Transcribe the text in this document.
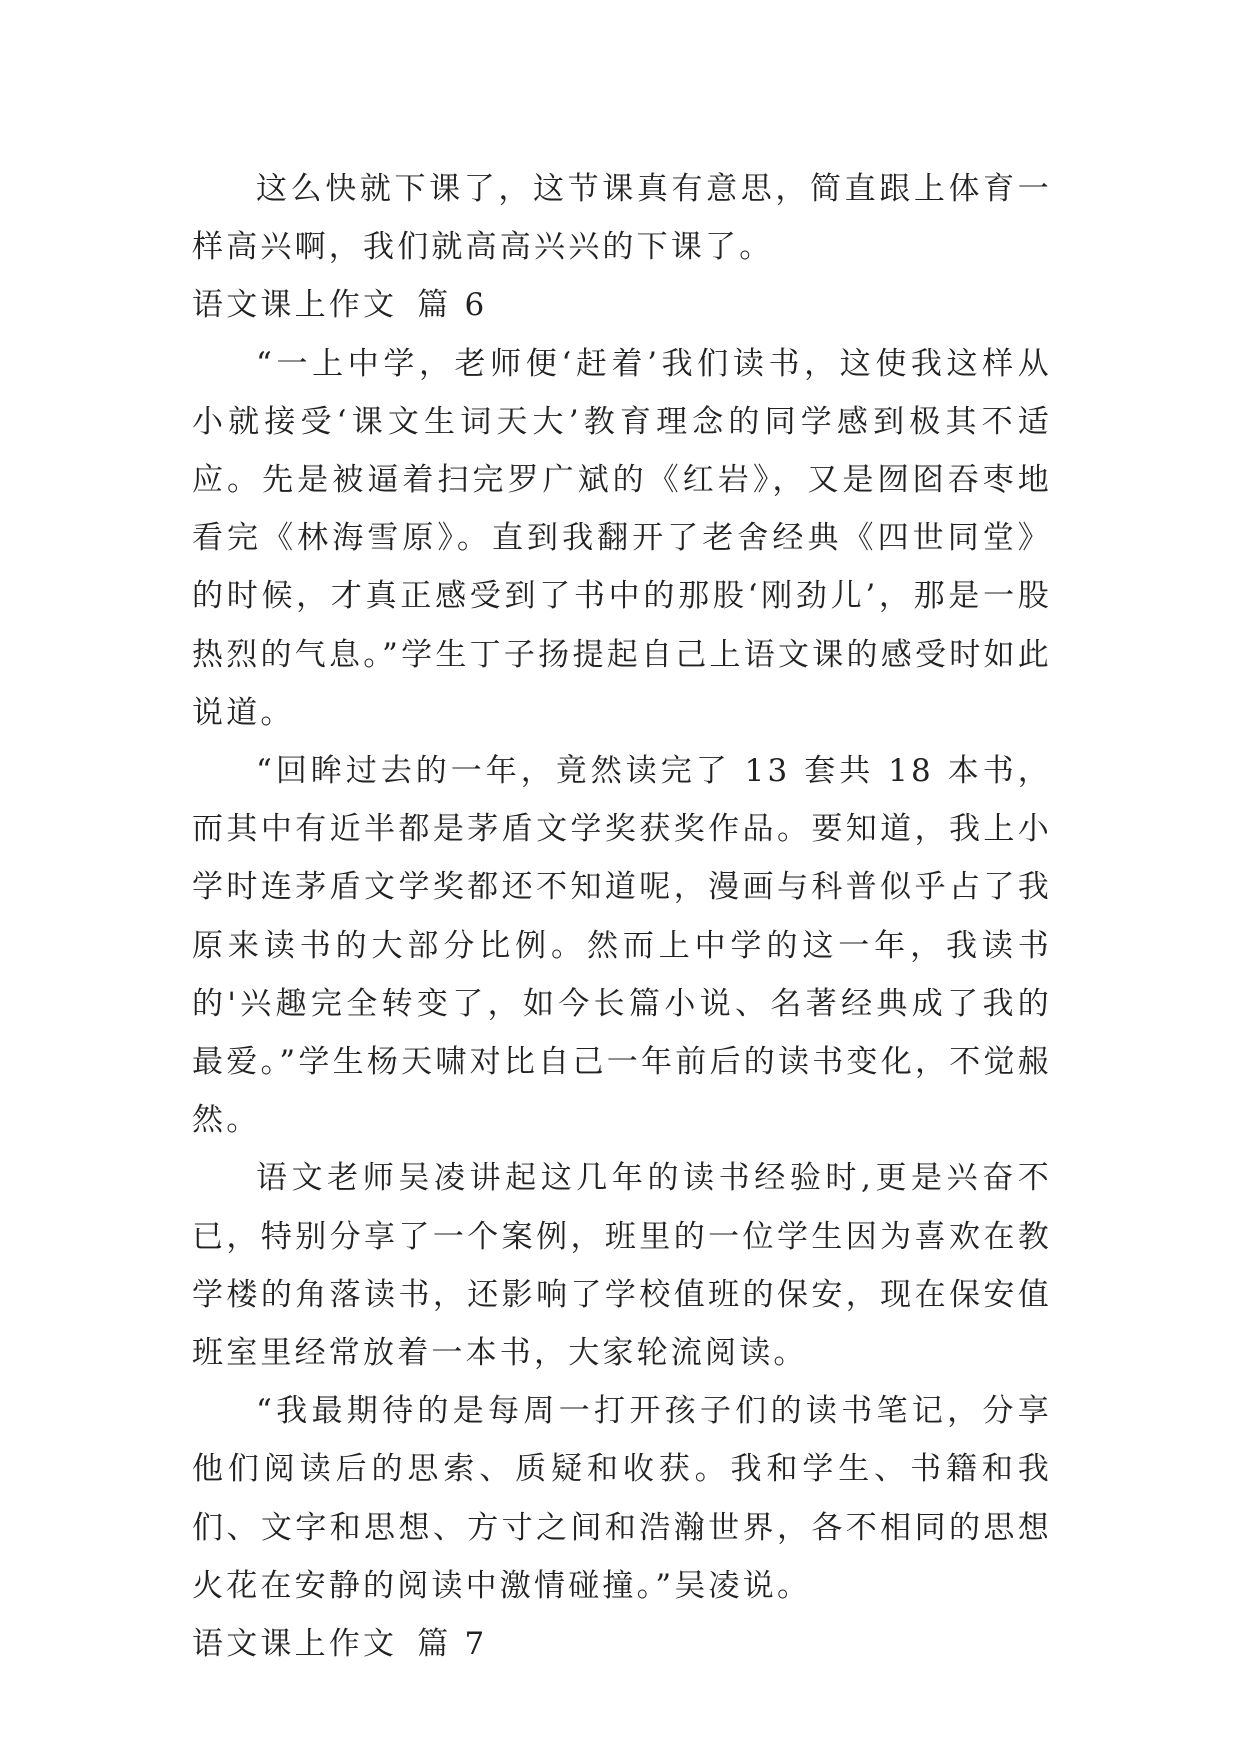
这么快就下课了，这节课真有意思，简直跟上体育一样高兴啊，我们就高高兴兴的下课了。

语文课上作文 篇 6

“一上中学，老师便‘赶着’我们读书，这使我这样从小就接受‘课文生词天大’教育理念的同学感到极其不适应。先是被逼着扫完罗广斌的《红岩》，又是囫囵吞枣地看完《林海雪原》。直到我翻开了老舍经典《四世同堂》的时候，才真正感受到了书中的那股‘刚劲儿’，那是一股热烈的气息。”学生丁子扬提起自己上语文课的感受时如此说道。

“回眸过去的一年，竟然读完了 13 套共 18 本书，而其中有近半都是茅盾文学奖获奖作品。要知道，我上小学时连茅盾文学奖都还不知道呢，漫画与科普似乎占了我原来读书的大部分比例。然而上中学的这一年，我读书的'兴趣完全转变了，如今长篇小说、名著经典成了我的最爱。”学生杨天啸对比自己一年前后的读书变化，不觉赧然。

语文老师吴凌讲起这几年的读书经验时,更是兴奋不已，特别分享了一个案例，班里的一位学生因为喜欢在教学楼的角落读书，还影响了学校值班的保安，现在保安值班室里经常放着一本书，大家轮流阅读。

“我最期待的是每周一打开孩子们的读书笔记，分享他们阅读后的思索、质疑和收获。我和学生、书籍和我们、文字和思想、方寸之间和浩瀚世界，各不相同的思想火花在安静的阅读中激情碰撞。”吴凌说。

语文课上作文 篇 7
